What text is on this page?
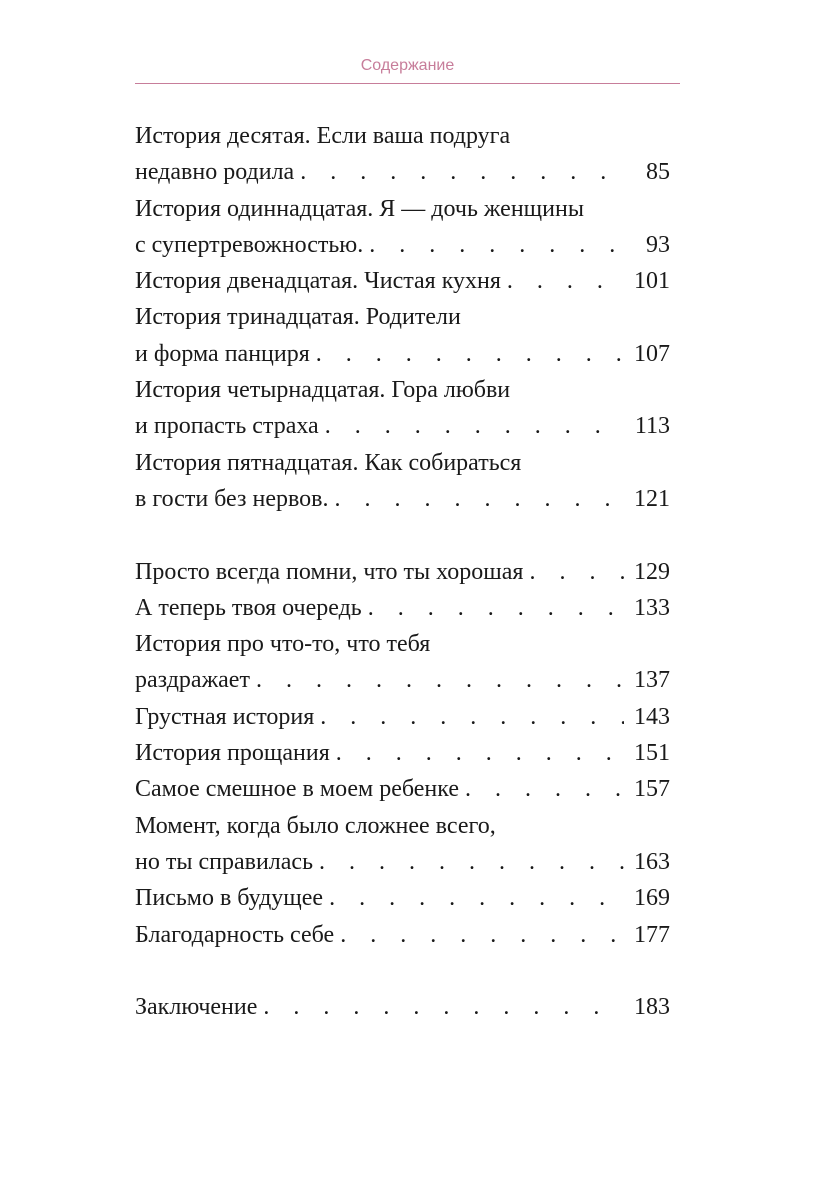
Содержание
История десятая. Если ваша подруга
недавно родила . . .	85
История одиннадцатая. Я — дочь женщины
с супертревожностью. . . .	93
История двенадцатая. Чистая кухня . . .	101
История тринадцатая. Родители
и форма панциря . . .	107
История четырнадцатая. Гора любви
и пропасть страха . . .	113
История пятнадцатая. Как собираться
в гости без нервов. . . .	121
Просто всегда помни, что ты хорошая . . .	129
А теперь твоя очередь . . .	133
История про что-то, что тебя
раздражает . . .	137
Грустная история . . .	143
История прощания . . .	151
Самое смешное в моем ребенке . . .	157
Момент, когда было сложнее всего,
но ты справилась . . .	163
Письмо в будущее . . .	169
Благодарность себе . . .	177
Заключение . . .	183
